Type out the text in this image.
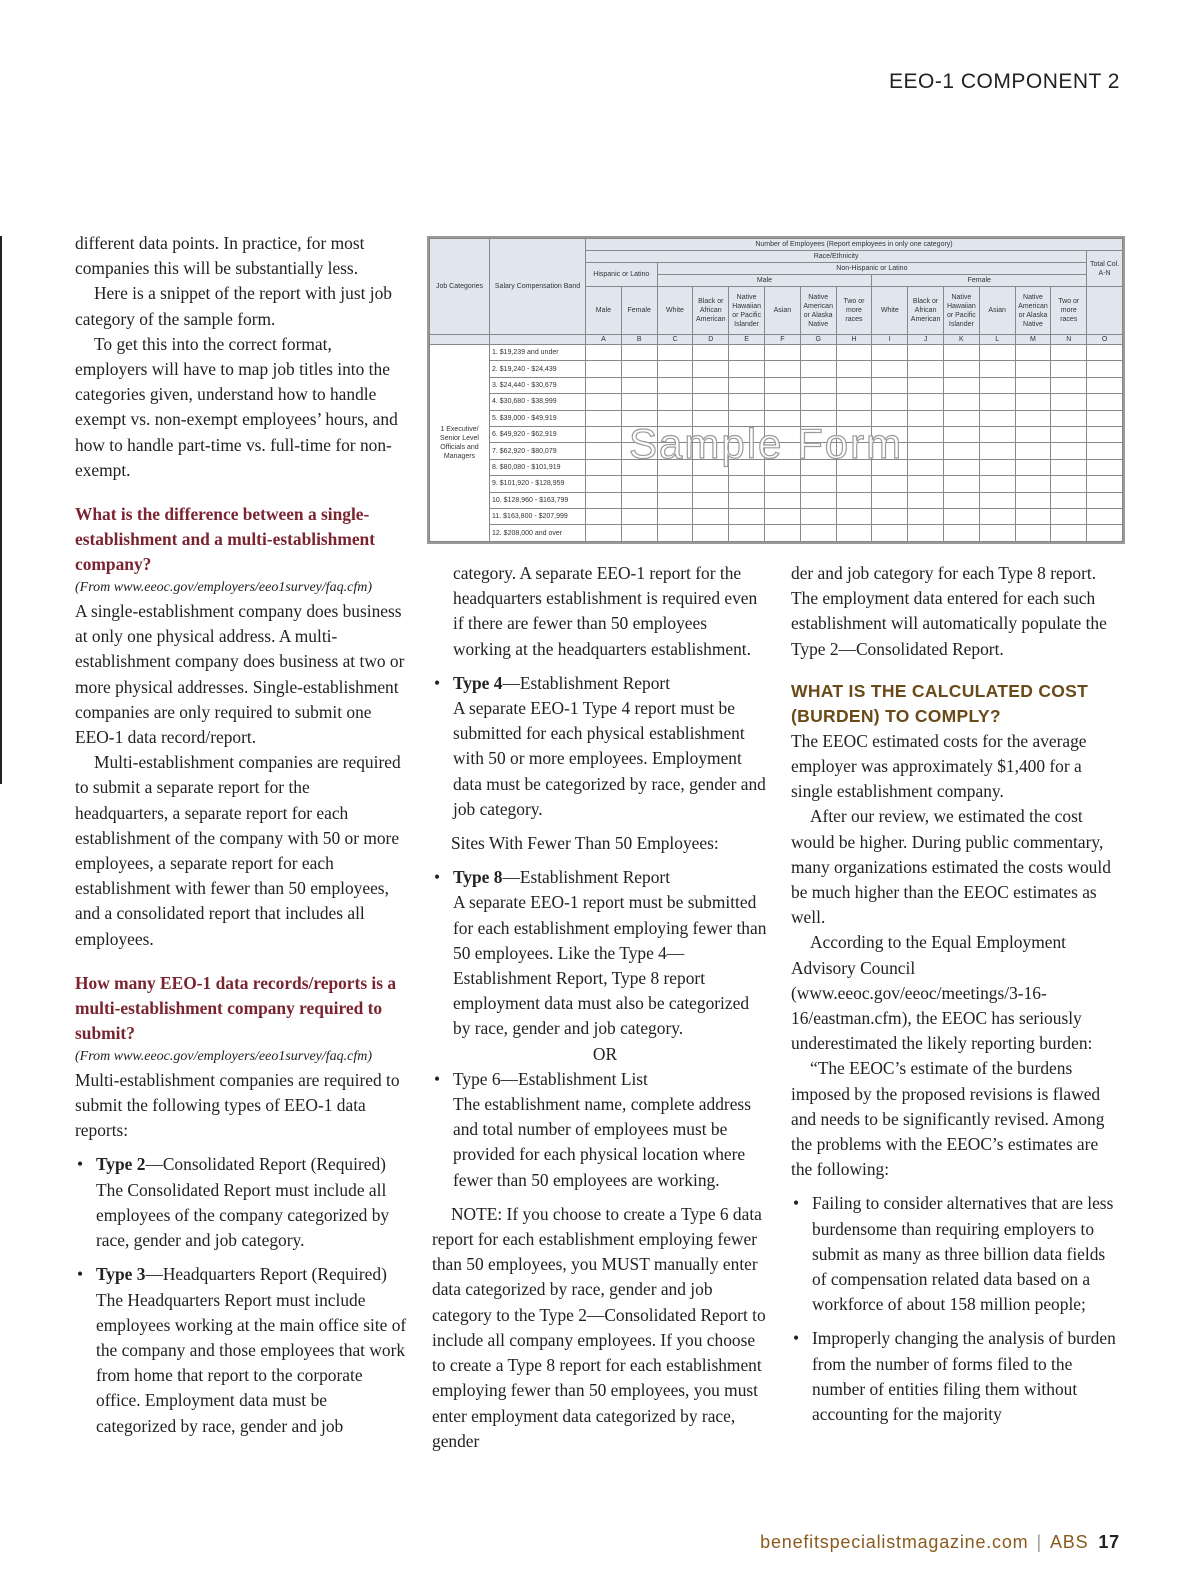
EEO-1 COMPONENT 2

different data points. In practice, for most companies this will be substantially less.

Here is a snippet of the report with just job category of the sample form.

To get this into the correct format, employers will have to map job titles into the categories given, understand how to handle exempt vs. non-exempt employees’ hours, and how to handle part-time vs. full-time for non-exempt.

What is the difference between a single-establishment and a multi-establishment company?

(From www.eeoc.gov/employers/eeo1survey/faq.cfm)

A single-establishment company does business at only one physical address. A multi-establishment company does business at two or more physical addresses. Single-establishment companies are only required to submit one EEO-1 data record/report.

Multi-establishment companies are required to submit a separate report for the headquarters, a separate report for each establishment of the company with 50 or more employees, a separate report for each establishment with fewer than 50 employees, and a consolidated report that includes all employees.

How many EEO-1 data records/reports is a multi-establishment company required to submit?

(From www.eeoc.gov/employers/eeo1survey/faq.cfm)

Multi-establishment companies are required to submit the following types of EEO-1 data reports:

• Type 2—Consolidated Report (Required)
The Consolidated Report must include all employees of the company categorized by race, gender and job category.
• Type 3—Headquarters Report (Required)
The Headquarters Report must include employees working at the main office site of the company and those employees that work from home that report to the corporate office. Employment data must be categorized by race, gender and job
Job Categories	Salary Compensation Band	Number of Employees (Report employees in only one category)														
		Race/Ethnicity														Total Col. A-N
		Hispanic or Latino		Non-Hispanic or Latino												
				Male						Female						
		Male	Female	White	Black or African American	Native Hawaiian or Pacific Islander	Asian	Native American or Alaska Native	Two or more races	White	Black or African American	Native Hawaiian or Pacific Islander	Asian	Native American or Alaska Native	Two or more races	
		A	B	C	D	E	F	G	H	I	J	K	L	M	N	O
1 Executive/ Senior Level Officials and Managers	1. $19,239 and under															
	2. $19,240 - $24,439															
	3. $24,440 - $30,679															
	4. $30,680 - $38,999															
	5. $39,000 - $49,919															
	6. $49,920 - $62,919															
	7. $62,920 - $80,079															
	8. $80,080 - $101,919															
	9. $101,920 - $128,959															
	10. $128,960 - $163,799															
	11. $163,800 - $207,999															
	12. $208,000 and over															
Sample Form

category. A separate EEO-1 report for the headquarters establishment is required even if there are fewer than 50 employees working at the headquarters establishment.

• Type 4—Establishment Report
A separate EEO-1 Type 4 report must be submitted for each physical establishment with 50 or more employees. Employment data must be categorized by race, gender and job category.

Sites With Fewer Than 50 Employees:

• Type 8—Establishment Report
A separate EEO-1 report must be submitted for each establishment employing fewer than 50 employees. Like the Type 4—Establishment Report, Type 8 report employment data must also be categorized by race, gender and job category.

OR

• Type 6—Establishment List
The establishment name, complete address and total number of employees must be provided for each physical location where fewer than 50 employees are working.

NOTE: If you choose to create a Type 6 data report for each establishment employing fewer than 50 employees, you MUST manually enter data categorized by race, gender and job category to the Type 2—Consolidated Report to include all company employees. If you choose to create a Type 8 report for each establishment employing fewer than 50 employees, you must enter employment data categorized by race, gender

der and job category for each Type 8 report. The employment data entered for each such establishment will automatically populate the Type 2—Consolidated Report.

WHAT IS THE CALCULATED COST (BURDEN) TO COMPLY?

The EEOC estimated costs for the average employer was approximately $1,400 for a single establishment company.

After our review, we estimated the cost would be higher. During public commentary, many organizations estimated the costs would be much higher than the EEOC estimates as well.

According to the Equal Employment Advisory Council (www.eeoc.gov/eeoc/meetings/3-16-16/eastman.cfm), the EEOC has seriously underestimated the likely reporting burden:

“The EEOC’s estimate of the burdens imposed by the proposed revisions is flawed and needs to be significantly revised. Among the problems with the EEOC’s estimates are the following:

• Failing to consider alternatives that are less burdensome than requiring employers to submit as many as three billion data fields of compensation related data based on a workforce of about 158 million people;
• Improperly changing the analysis of burden from the number of forms filed to the number of entities filing them without accounting for the majority
benefitspecialistmagazine.com | ABS 17
